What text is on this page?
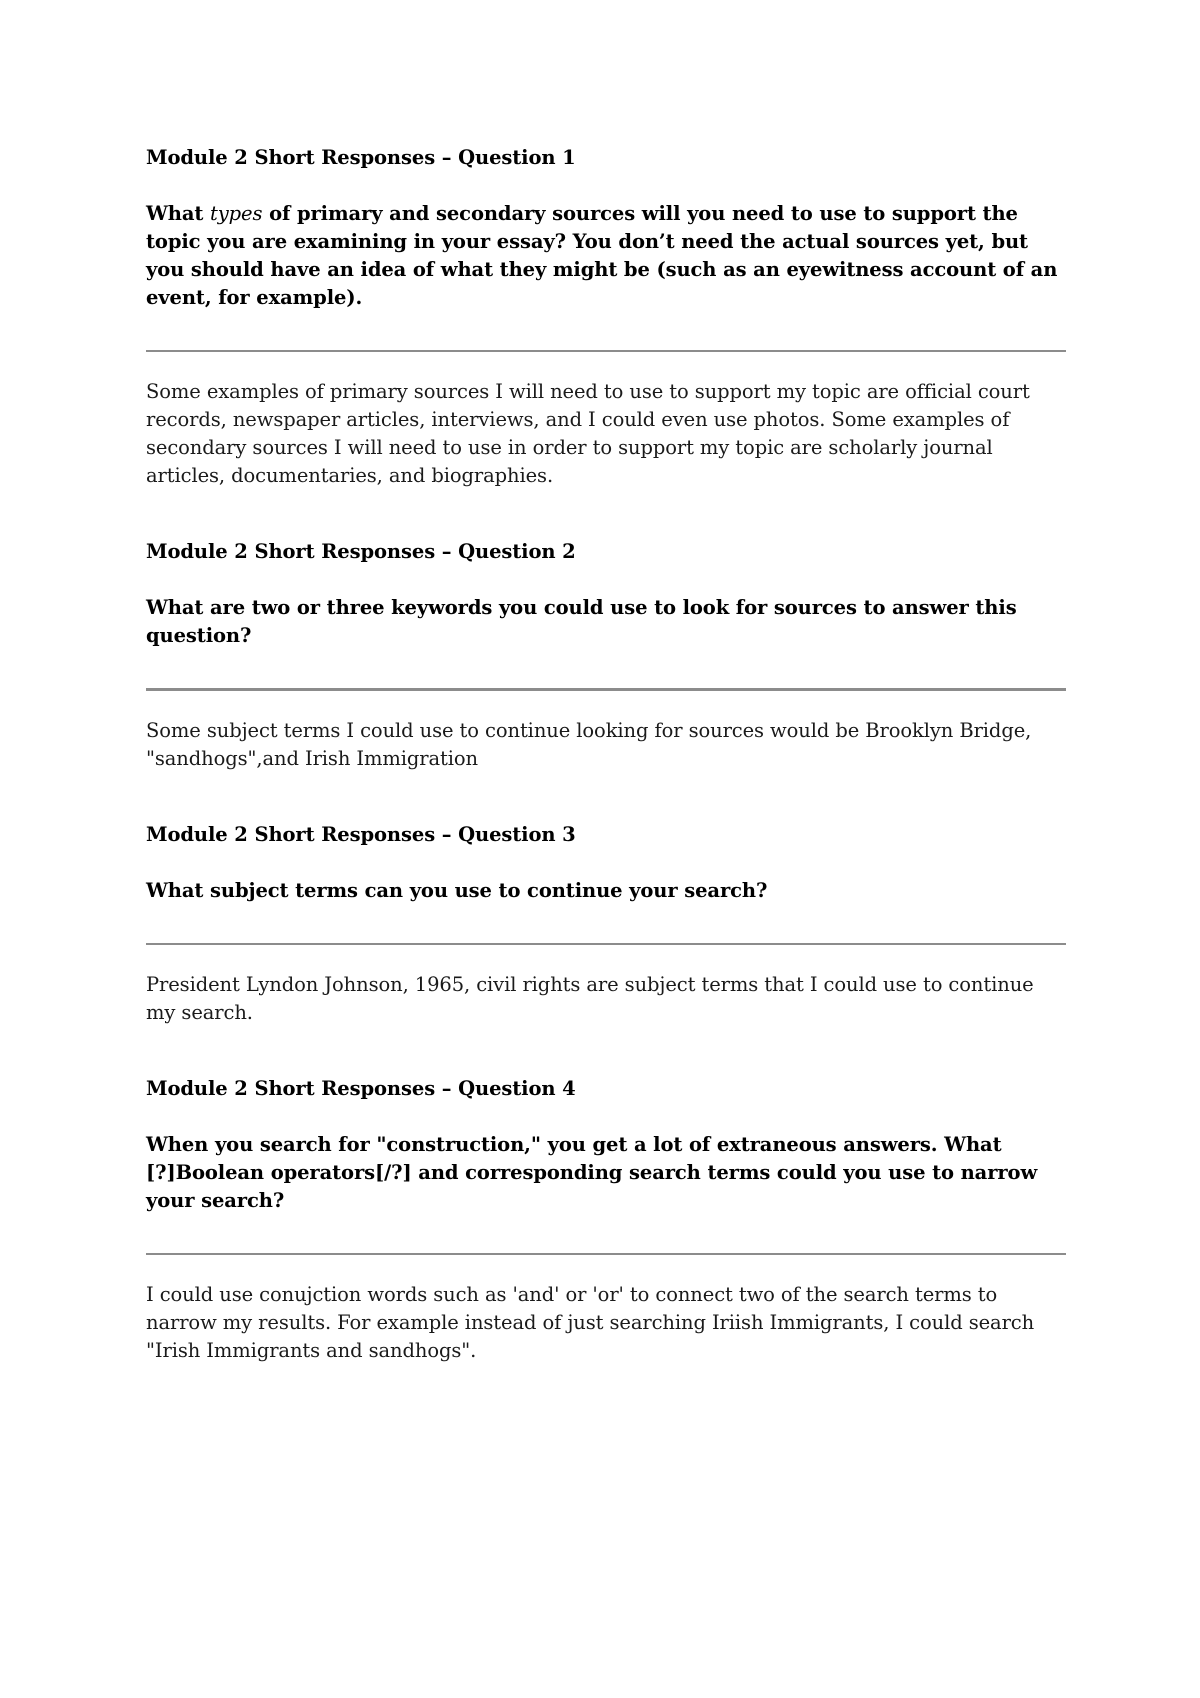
Module 2 Short Responses – Question 1

What types of primary and secondary sources will you need to use to support the topic you are examining in your essay? You don’t need the actual sources yet, but you should have an idea of what they might be (such as an eyewitness account of an event, for example).

Some examples of primary sources I will need to use to support my topic are official court records, newspaper articles, interviews, and I could even use photos. Some examples of secondary sources I will need to use in order to support my topic are scholarly journal articles, documentaries, and biographies.

Module 2 Short Responses – Question 2

What are two or three keywords you could use to look for sources to answer this question?

Some subject terms I could use to continue looking for sources would be Brooklyn Bridge, "sandhogs",and Irish Immigration

Module 2 Short Responses – Question 3

What subject terms can you use to continue your search?

President Lyndon Johnson, 1965, civil rights are subject terms that I could use to continue my search.

Module 2 Short Responses – Question 4

When you search for "construction," you get a lot of extraneous answers. What [?]Boolean operators[/?] and corresponding search terms could you use to narrow your search?

I could use conujction words such as 'and' or 'or' to connect two of the search terms to narrow my results. For example instead of just searching Iriish Immigrants, I could search "Irish Immigrants and sandhogs".
